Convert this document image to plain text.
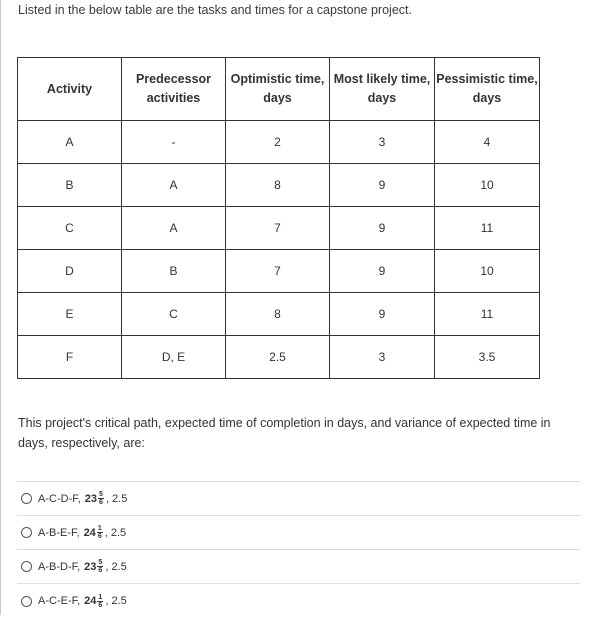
Listed in the below table are the tasks and times for a capstone project.
Activity	Predecessor activities	Optimistic time, days	Most likely time, days	Pessimistic time, days
A	-	2	3	4
B	A	8	9	10
C	A	7	9	11
D	B	7	9	10
E	C	8	9	11
F	D, E	2.5	3	3.5
This project's critical path, expected time of completion in days, and variance of expected time in days, respectively, are:
A-C-D-F, $23 \frac{5}{6}$ , 2.5
A-B-E-F, $24 \frac{1}{6}$ , 2.5
A-B-D-F, $23 \frac{5}{6}$ , 2.5
A-C-E-F, $24 \frac{1}{6}$ , 2.5
